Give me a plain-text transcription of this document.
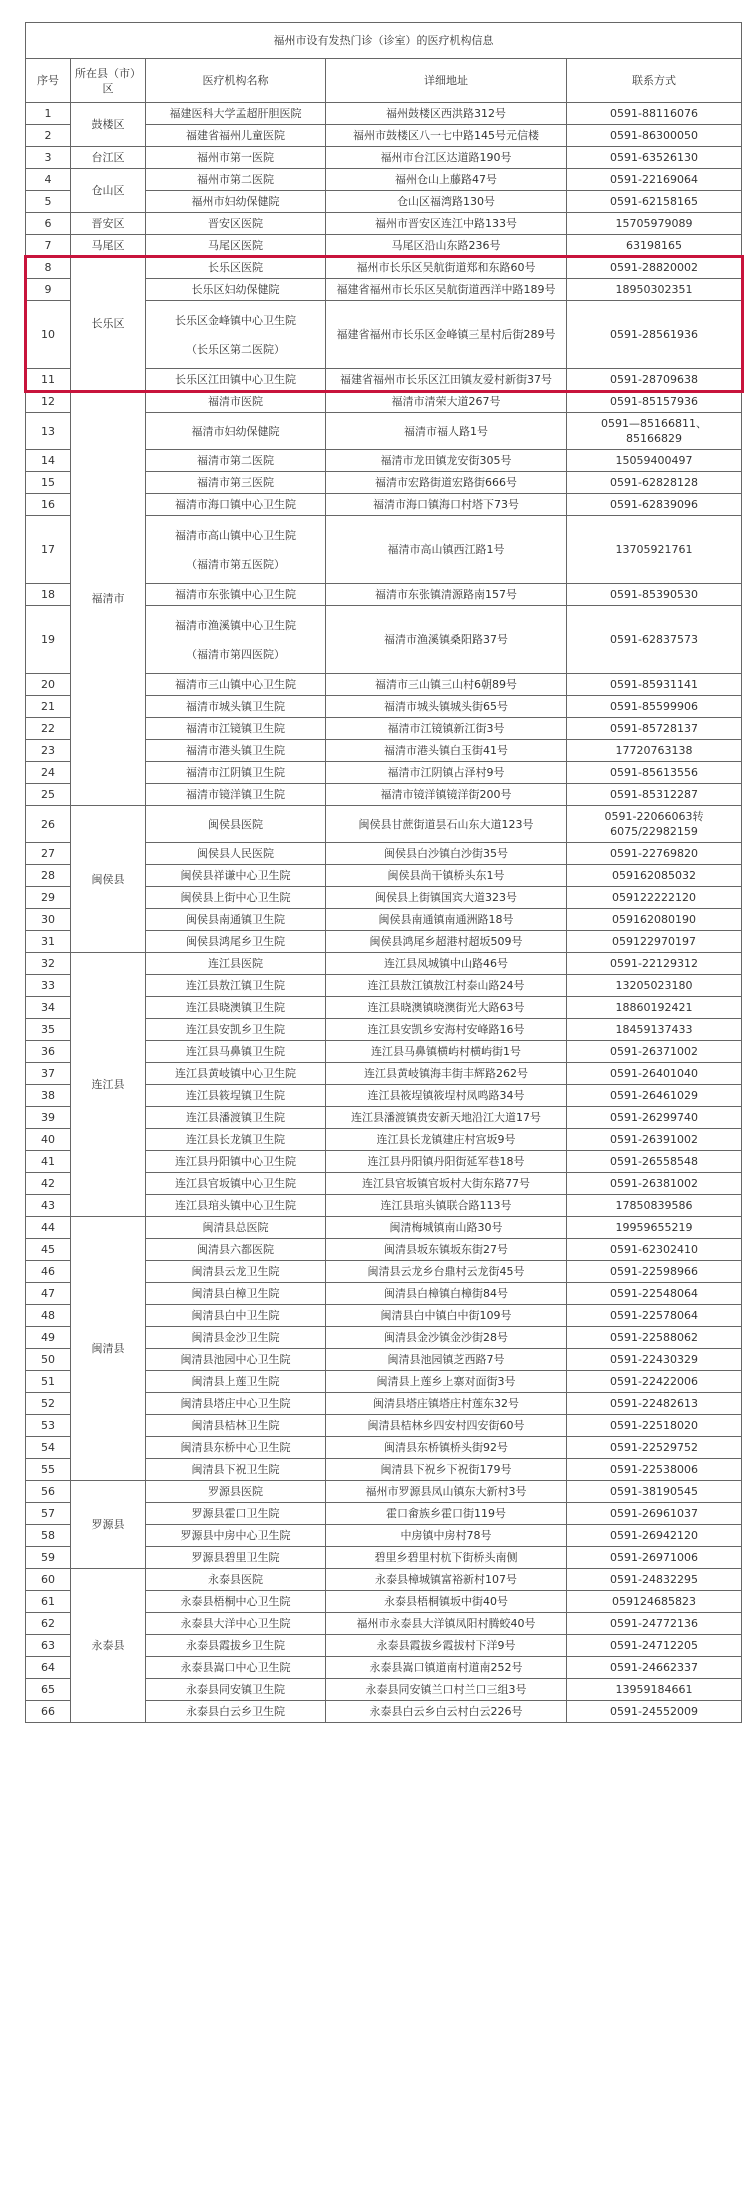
福州市设有发热门诊（诊室）的医疗机构信息				
序号	所在县（市）区	医疗机构名称	详细地址	联系方式
1	鼓楼区	福建医科大学孟超肝胆医院	福州鼓楼区西洪路312号	0591-88116076
2		福建省福州儿童医院	福州市鼓楼区八一七中路145号元信楼	0591-86300050
3	台江区	福州市第一医院	福州市台江区达道路190号	0591-63526130
4	仓山区	福州市第二医院	福州仓山上藤路47号	0591-22169064
5		福州市妇幼保健院	仓山区福湾路130号	0591-62158165
6	晋安区	晋安区医院	福州市晋安区连江中路133号	15705979089
7	马尾区	马尾区医院	马尾区沿山东路236号	63198165
8	长乐区	长乐区医院	福州市长乐区吴航街道郑和东路60号	0591-28820002
9		长乐区妇幼保健院	福建省福州市长乐区吴航街道西洋中路189号	18950302351
10		长乐区金峰镇中心卫生院
（长乐区第二医院）	福建省福州市长乐区金峰镇三星村后街289号	0591-28561936
11		长乐区江田镇中心卫生院	福建省福州市长乐区江田镇友爱村新街37号	0591-28709638
12	福清市	福清市医院	福清市清荣大道267号	0591-85157936
13		福清市妇幼保健院	福清市福人路1号	0591—85166811、
85166829

14		福清市第二医院	福清市龙田镇龙安街305号	15059400497
15		福清市第三医院	福清市宏路街道宏路街666号	0591-62828128
16		福清市海口镇中心卫生院	福清市海口镇海口村塔下73号	0591-62839096
17		福清市高山镇中心卫生院
（福清市第五医院）	福清市高山镇西江路1号	13705921761
18		福清市东张镇中心卫生院	福清市东张镇清源路南157号	0591-85390530
19		福清市渔溪镇中心卫生院
（福清市第四医院）	福清市渔溪镇桑阳路37号	0591-62837573
20		福清市三山镇中心卫生院	福清市三山镇三山村6朝89号	0591-85931141
21		福清市城头镇卫生院	福清市城头镇城头街65号	0591-85599906
22		福清市江镜镇卫生院	福清市江镜镇新江街3号	0591-85728137
23		福清市港头镇卫生院	福清市港头镇白玉街41号	17720763138
24		福清市江阴镇卫生院	福清市江阴镇占泽村9号	0591-85613556
25		福清市镜洋镇卫生院	福清市镜洋镇镜洋街200号	0591-85312287
26	闽侯县	闽侯县医院	闽侯县甘蔗街道昙石山东大道123号	0591-22066063转
6075/22982159

27		闽侯县人民医院	闽侯县白沙镇白沙街35号	0591-22769820
28		闽侯县祥谦中心卫生院	闽侯县尚干镇桥头东1号	059162085032
29		闽侯县上街中心卫生院	闽侯县上街镇国宾大道323号	059122222120
30		闽侯县南通镇卫生院	闽侯县南通镇南通洲路18号	059162080190
31		闽侯县鸿尾乡卫生院	闽侯县鸿尾乡超港村超坂509号	059122970197
32	连江县	连江县医院	连江县凤城镇中山路46号	0591-22129312
33		连江县敖江镇卫生院	连江县敖江镇敖江村泰山路24号	13205023180
34		连江县晓澳镇卫生院	连江县晓澳镇晓澳街光大路63号	18860192421
35		连江县安凯乡卫生院	连江县安凯乡安海村安峰路16号	18459137433
36		连江县马鼻镇卫生院	连江县马鼻镇横屿村横屿街1号	0591-26371002
37		连江县黄岐镇中心卫生院	连江县黄岐镇海丰街丰辉路262号	0591-26401040
38		连江县筱埕镇卫生院	连江县筱埕镇筱埕村凤鸣路34号	0591-26461029
39		连江县潘渡镇卫生院	连江县潘渡镇贵安新天地沿江大道17号	0591-26299740
40		连江县长龙镇卫生院	连江县长龙镇建庄村宫坂9号	0591-26391002
41		连江县丹阳镇中心卫生院	连江县丹阳镇丹阳街延军巷18号	0591-26558548
42		连江县官坂镇中心卫生院	连江县官坂镇官坂村大街东路77号	0591-26381002
43		连江县琯头镇中心卫生院	连江县琯头镇联合路113号	17850839586
44	闽清县	闽清县总医院	闽清梅城镇南山路30号	19959655219
45		闽清县六都医院	闽清县坂东镇坂东街27号	0591-62302410
46		闽清县云龙卫生院	闽清县云龙乡台鼎村云龙街45号	0591-22598966
47		闽清县白樟卫生院	闽清县白樟镇白樟街84号	0591-22548064
48		闽清县白中卫生院	闽清县白中镇白中街109号	0591-22578064
49		闽清县金沙卫生院	闽清县金沙镇金沙街28号	0591-22588062
50		闽清县池园中心卫生院	闽清县池园镇芝西路7号	0591-22430329
51		闽清县上莲卫生院	闽清县上莲乡上寨对面街3号	0591-22422006
52		闽清县塔庄中心卫生院	闽清县塔庄镇塔庄村莲东32号	0591-22482613
53		闽清县桔林卫生院	闽清县桔林乡四安村四安街60号	0591-22518020
54		闽清县东桥中心卫生院	闽清县东桥镇桥头街92号	0591-22529752
55		闽清县下祝卫生院	闽清县下祝乡下祝街179号	0591-22538006
56	罗源县	罗源县医院	福州市罗源县凤山镇东大新村3号	0591-38190545
57		罗源县霍口卫生院	霍口畲族乡霍口街119号	0591-26961037
58		罗源县中房中心卫生院	中房镇中房村78号	0591-26942120
59		罗源县碧里卫生院	碧里乡碧里村杭下街桥头南侧	0591-26971006
60	永泰县	永泰县医院	永泰县樟城镇富裕新村107号	0591-24832295
61		永泰县梧桐中心卫生院	永泰县梧桐镇坂中街40号	059124685823
62		永泰县大洋中心卫生院	福州市永泰县大洋镇凤阳村腾蛟40号	0591-24772136
63		永泰县霞拔乡卫生院	永泰县霞拔乡霞拔村下洋9号	0591-24712205
64		永泰县嵩口中心卫生院	永泰县嵩口镇道南村道南252号	0591-24662337
65		永泰县同安镇卫生院	永泰县同安镇兰口村兰口三组3号	13959184661
66		永泰县白云乡卫生院	永泰县白云乡白云村白云226号	0591-24552009
